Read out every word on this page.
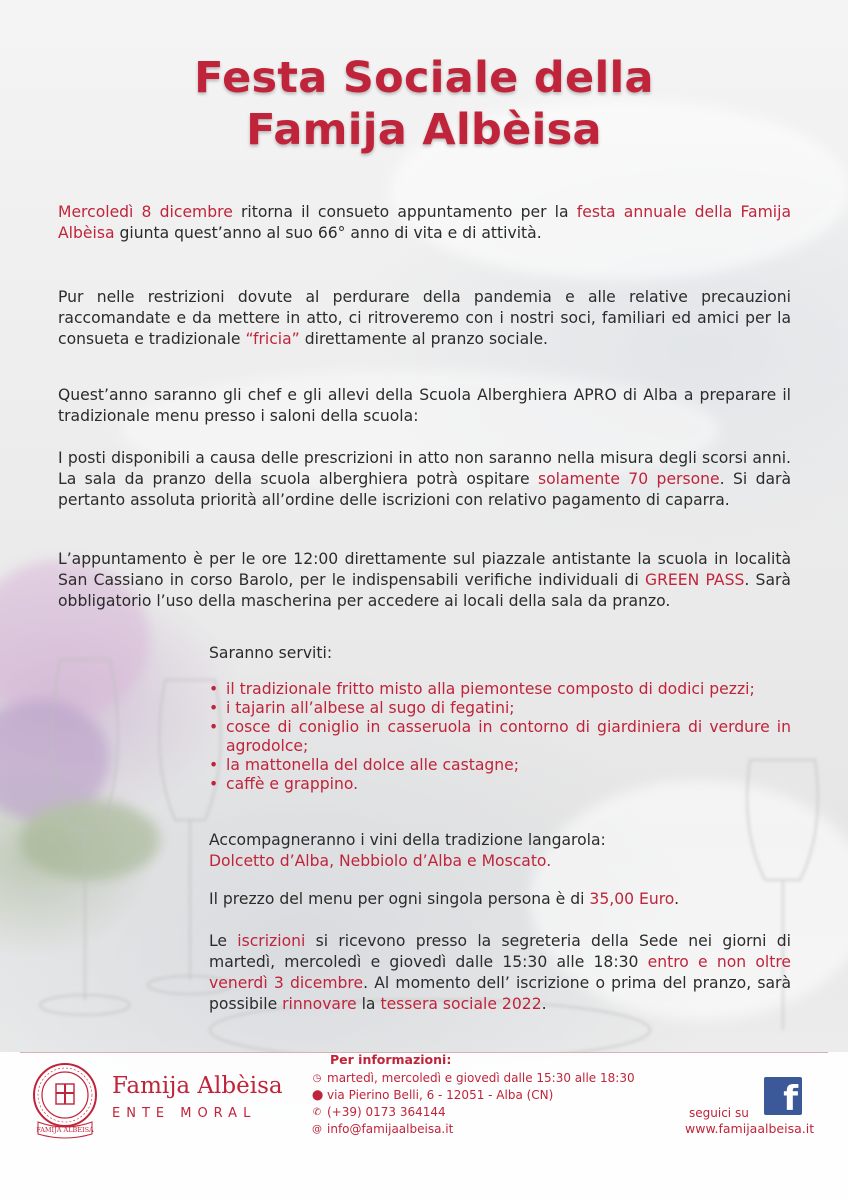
Festa Sociale della
Famija Albèisa

Mercoledì 8 dicembre ritorna il consueto appuntamento per la festa annuale della Famija Albèisa giunta quest’anno al suo 66° anno di vita e di attività.

Pur nelle restrizioni dovute al perdurare della pandemia e alle relative precauzioni raccomandate e da mettere in atto, ci ritroveremo con i nostri soci, familiari ed amici per la consueta e tradizionale “fricia” direttamente al pranzo sociale.

Quest’anno saranno gli chef e gli allevi della Scuola Alberghiera APRO di Alba a preparare il tradizionale menu presso i saloni della scuola:

I posti disponibili a causa delle prescrizioni in atto non saranno nella misura degli scorsi anni. La sala da pranzo della scuola alberghiera potrà ospitare solamente 70 persone. Si darà pertanto assoluta priorità all’ordine delle iscrizioni con relativo pagamento di caparra.

L’appuntamento è per le ore 12:00 direttamente sul piazzale antistante la scuola in località San Cassiano in corso Barolo, per le indispensabili verifiche individuali di GREEN PASS. Sarà obbligatorio l’uso della mascherina per accedere ai locali della sala da pranzo.

Saranno serviti:

• il tradizionale fritto misto alla piemontese composto di dodici pezzi;
• i tajarin all’albese al sugo di fegatini;
• cosce di coniglio in casseruola in contorno di giardiniera di verdure in agrodolce;
• la mattonella del dolce alle castagne;
• caffè e grappino.

Accompagneranno i vini della tradizione langarola:
Dolcetto d’Alba, Nebbiolo d’Alba e Moscato.

Il prezzo del menu per ogni singola persona è di 35,00 Euro.

Le iscrizioni si ricevono presso la segreteria della Sede nei giorni di martedì, mercoledì e giovedì dalle 15:30 alle 18:30 entro e non oltre venerdì 3 dicembre. Al momento dell’ iscrizione o prima del pranzo, sarà possibile rinnovare la tessera sociale 2022.

FAMIJA ALBEISA
Famija Albèisa
ENTE MORAL
Per informazioni:
◷ martedì, mercoledì e giovedì dalle 15:30 alle 18:30
⬤ via Pierino Belli, 6 - 12051 - Alba (CN)
✆ (+39) 0173 364144
@ info@famijaalbeisa.it
f
seguici su
www.famijaalbeisa.it
